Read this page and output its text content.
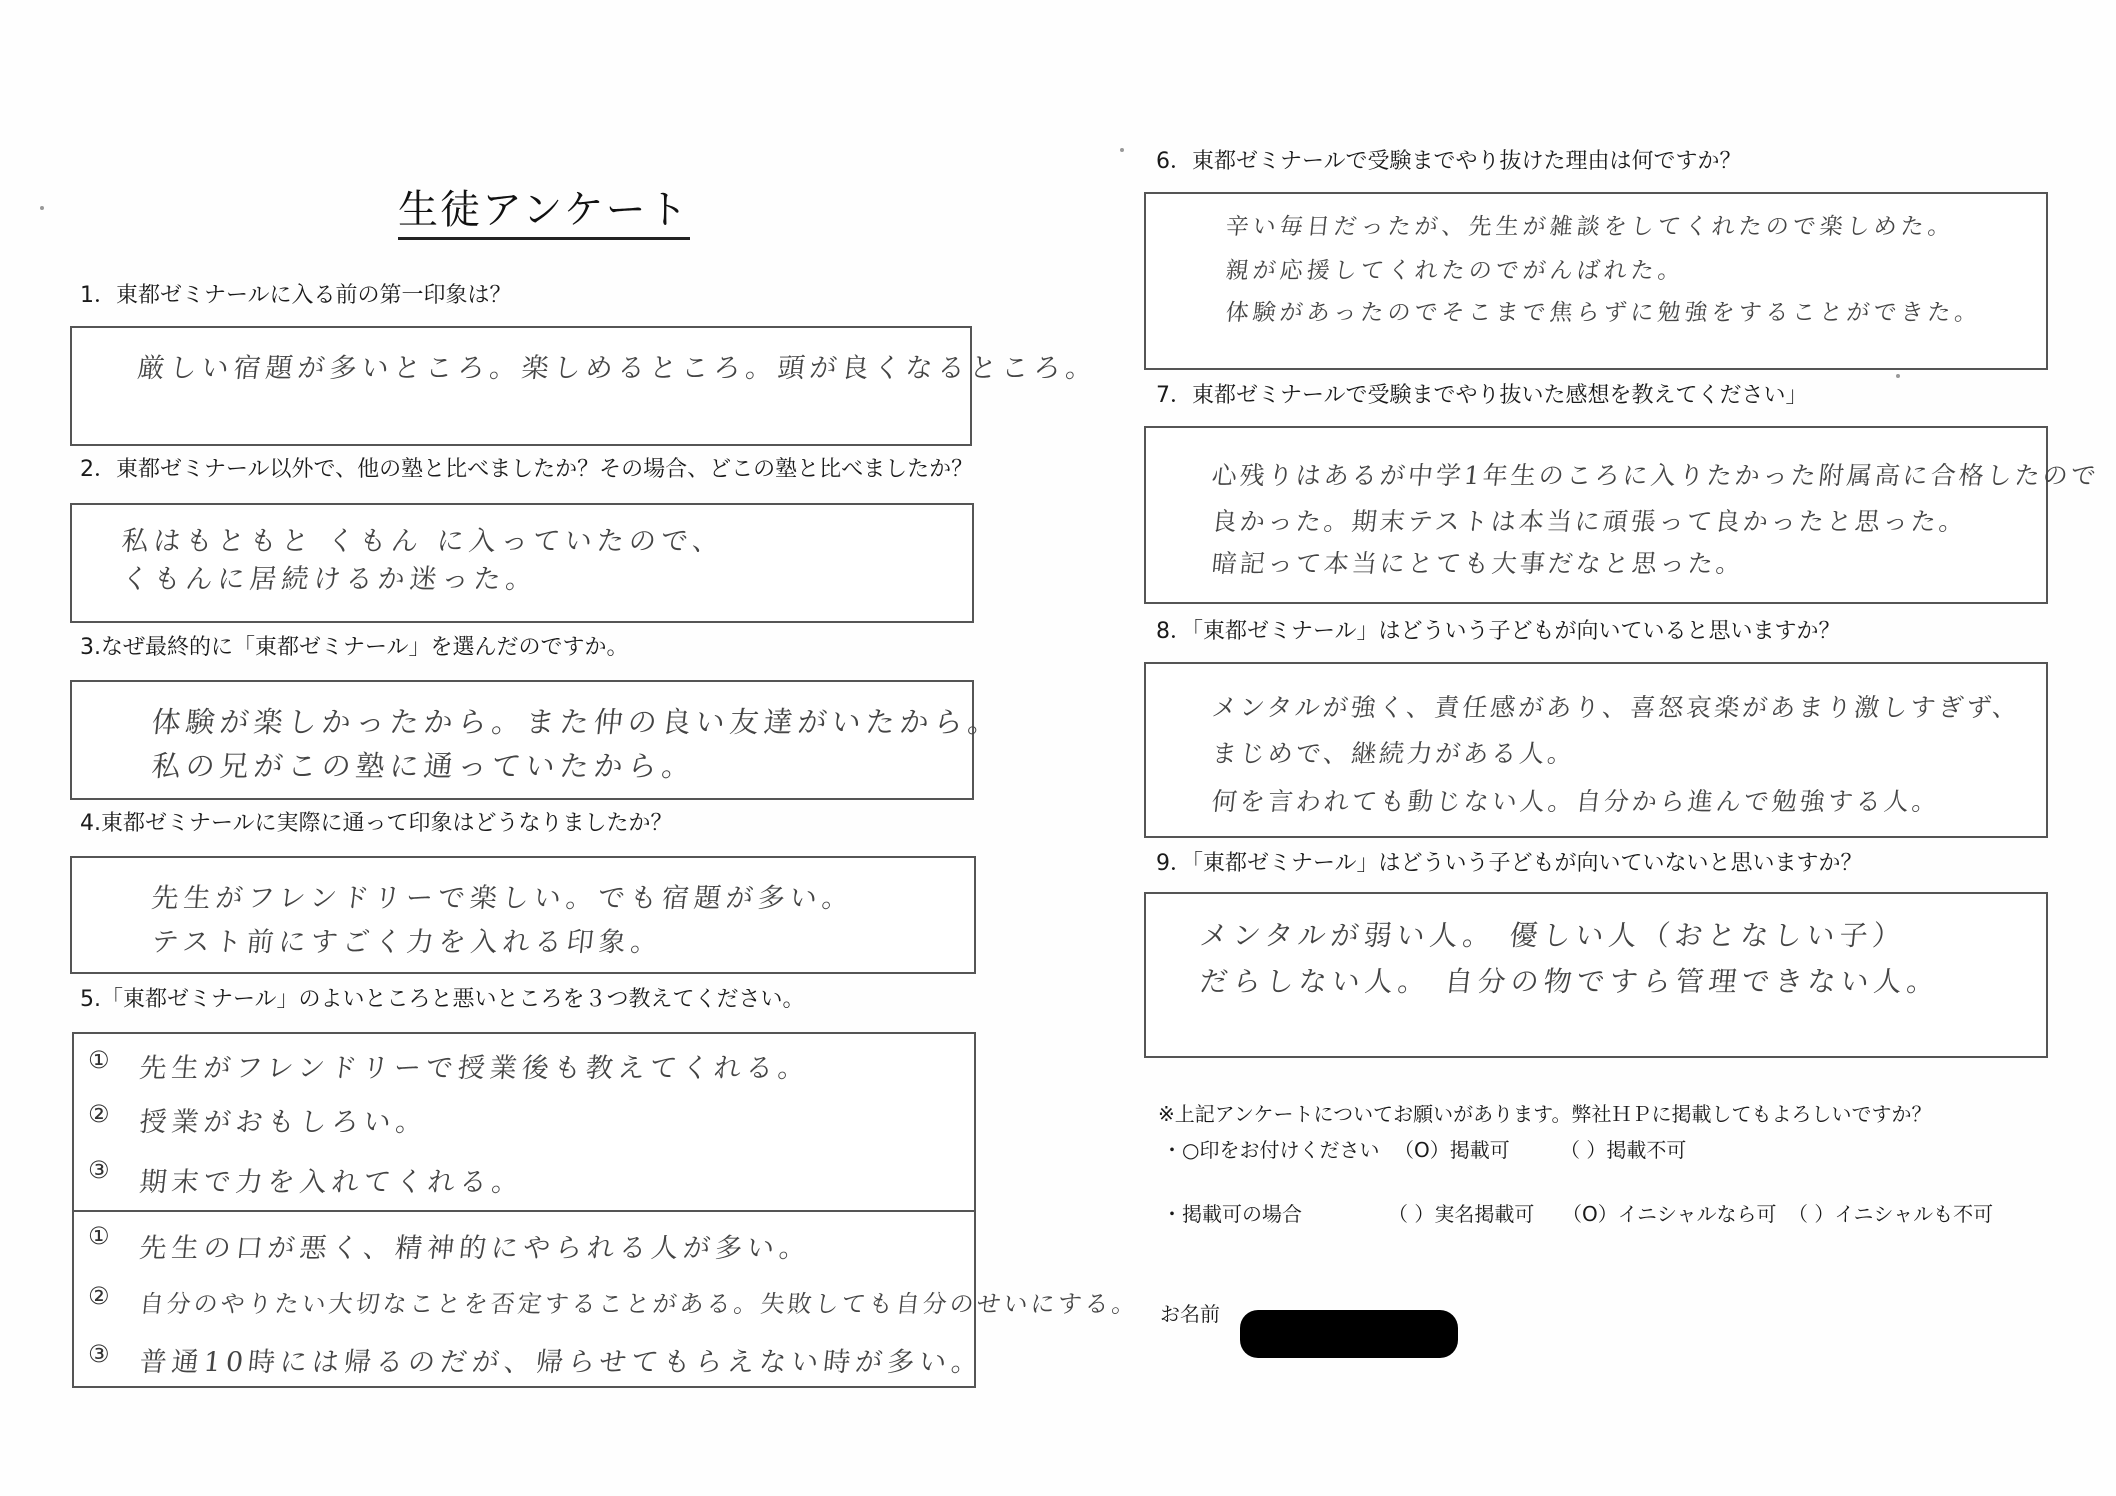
生徒アンケート
1．東都ゼミナールに入る前の第一印象は？
厳しい宿題が多いところ。楽しめるところ。頭が良くなるところ。
2．東都ゼミナール以外で、他の塾と比べましたか？その場合、どこの塾と比べましたか？
私はもともと くもん に入っていたので、
くもんに居続けるか迷った。
3.なぜ最終的に「東都ゼミナール」を選んだのですか。
体験が楽しかったから。また仲の良い友達がいたから。
私の兄がこの塾に通っていたから。
4.東都ゼミナールに実際に通って印象はどうなりましたか？
先生がフレンドリーで楽しい。でも宿題が多い。
テスト前にすごく力を入れる印象。
5.「東都ゼミナール」のよいところと悪いところを３つ教えてください。
① 先生がフレンドリーで授業後も教えてくれる。
② 授業がおもしろい。
③ 期末で力を入れてくれる。
① 先生の口が悪く、精神的にやられる人が多い。
② 自分のやりたい大切なことを否定することがある。失敗しても自分のせいにする。
③ 普通10時には帰るのだが、帰らせてもらえない時が多い。
6．東都ゼミナールで受験までやり抜けた理由は何ですか？
辛い毎日だったが、先生が雑談をしてくれたので楽しめた。
親が応援してくれたのでがんばれた。
体験があったのでそこまで焦らずに勉強をすることができた。
7．東都ゼミナールで受験までやり抜いた感想を教えてください」
心残りはあるが中学1年生のころに入りたかった附属高に合格したので
良かった。期末テストは本当に頑張って良かったと思った。
暗記って本当にとても大事だなと思った。
8．「東都ゼミナール」はどういう子どもが向いていると思いますか？
メンタルが強く、責任感があり、喜怒哀楽があまり激しすぎず、
まじめで、継続力がある人。
何を言われても動じない人。自分から進んで勉強する人。
9．「東都ゼミナール」はどういう子どもが向いていないと思いますか？
メンタルが弱い人。 優しい人（おとなしい子）
だらしない人。 自分の物ですら管理できない人。
※上記アンケートについてお願いがあります。弊社ＨＰに掲載してもよろしいですか？
・○印をお付けください （O）掲載可	（ ）掲載不可
・掲載可の場合	（ ）実名掲載可 （O）イニシャルなら可 （ ）イニシャルも不可
お名前
